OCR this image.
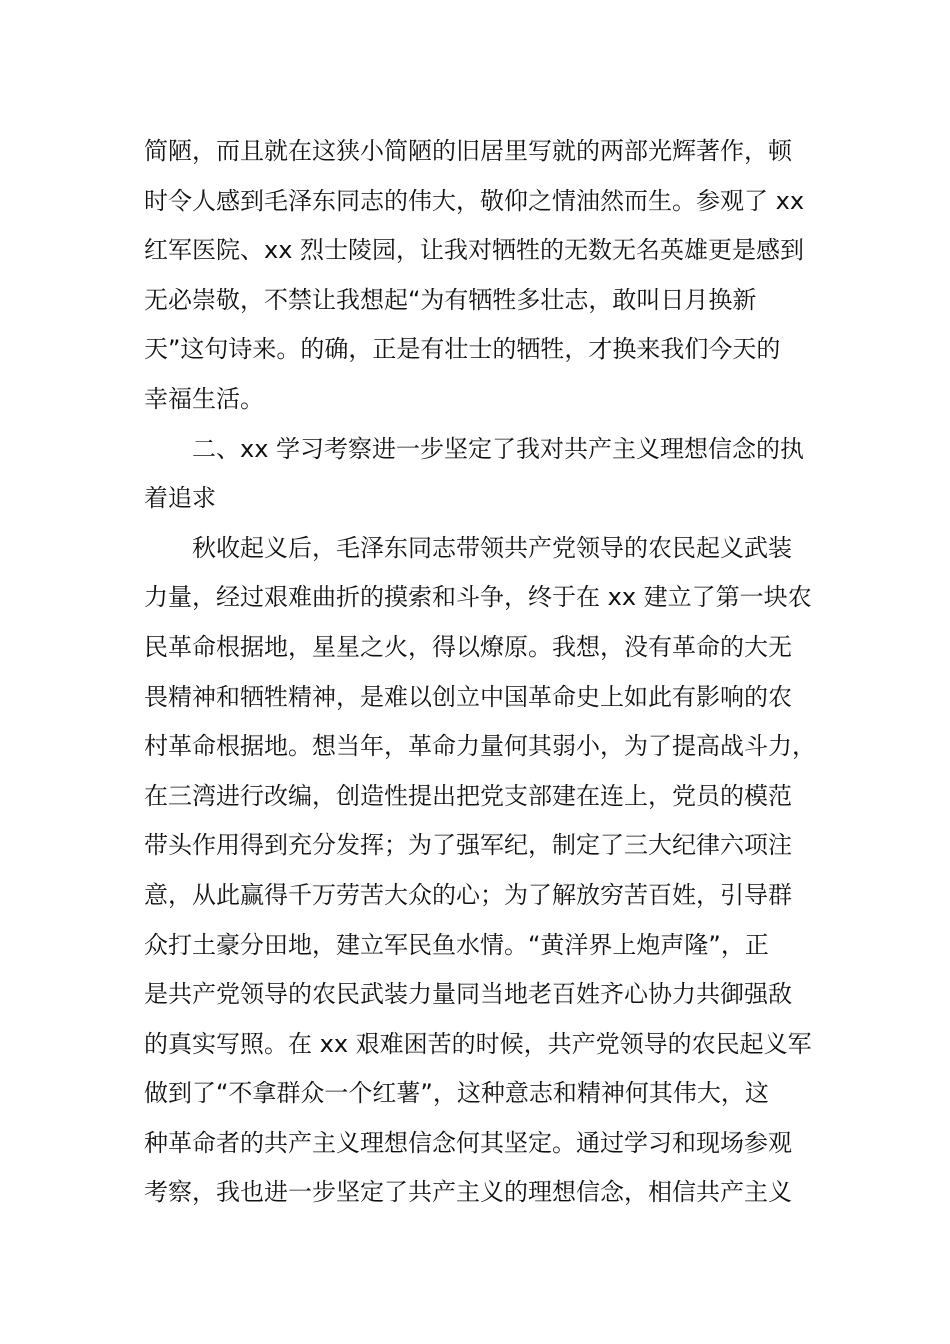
简陋，而且就在这狭小简陋的旧居里写就的两部光辉著作，顿
时令人感到毛泽东同志的伟大，敬仰之情油然而生。参观了 xx
红军医院、xx 烈士陵园，让我对牺牲的无数无名英雄更是感到
无必崇敬，不禁让我想起“为有牺牲多壮志，敢叫日月换新
天”这句诗来。的确，正是有壮士的牺牲，才换来我们今天的
幸福生活。
二、xx 学习考察进一步坚定了我对共产主义理想信念的执
着追求
秋收起义后，毛泽东同志带领共产党领导的农民起义武装
力量，经过艰难曲折的摸索和斗争，终于在 xx 建立了第一块农
民革命根据地，星星之火，得以燎原。我想，没有革命的大无
畏精神和牺牲精神，是难以创立中国革命史上如此有影响的农
村革命根据地。想当年，革命力量何其弱小，为了提高战斗力，
在三湾进行改编，创造性提出把党支部建在连上，党员的模范
带头作用得到充分发挥；为了强军纪，制定了三大纪律六项注
意，从此赢得千万劳苦大众的心；为了解放穷苦百姓，引导群
众打土豪分田地，建立军民鱼水情。“黄洋界上炮声隆”，正
是共产党领导的农民武装力量同当地老百姓齐心协力共御强敌
的真实写照。在 xx 艰难困苦的时候，共产党领导的农民起义军
做到了“不拿群众一个红薯”，这种意志和精神何其伟大，这
种革命者的共产主义理想信念何其坚定。通过学习和现场参观
考察，我也进一步坚定了共产主义的理想信念，相信共产主义
